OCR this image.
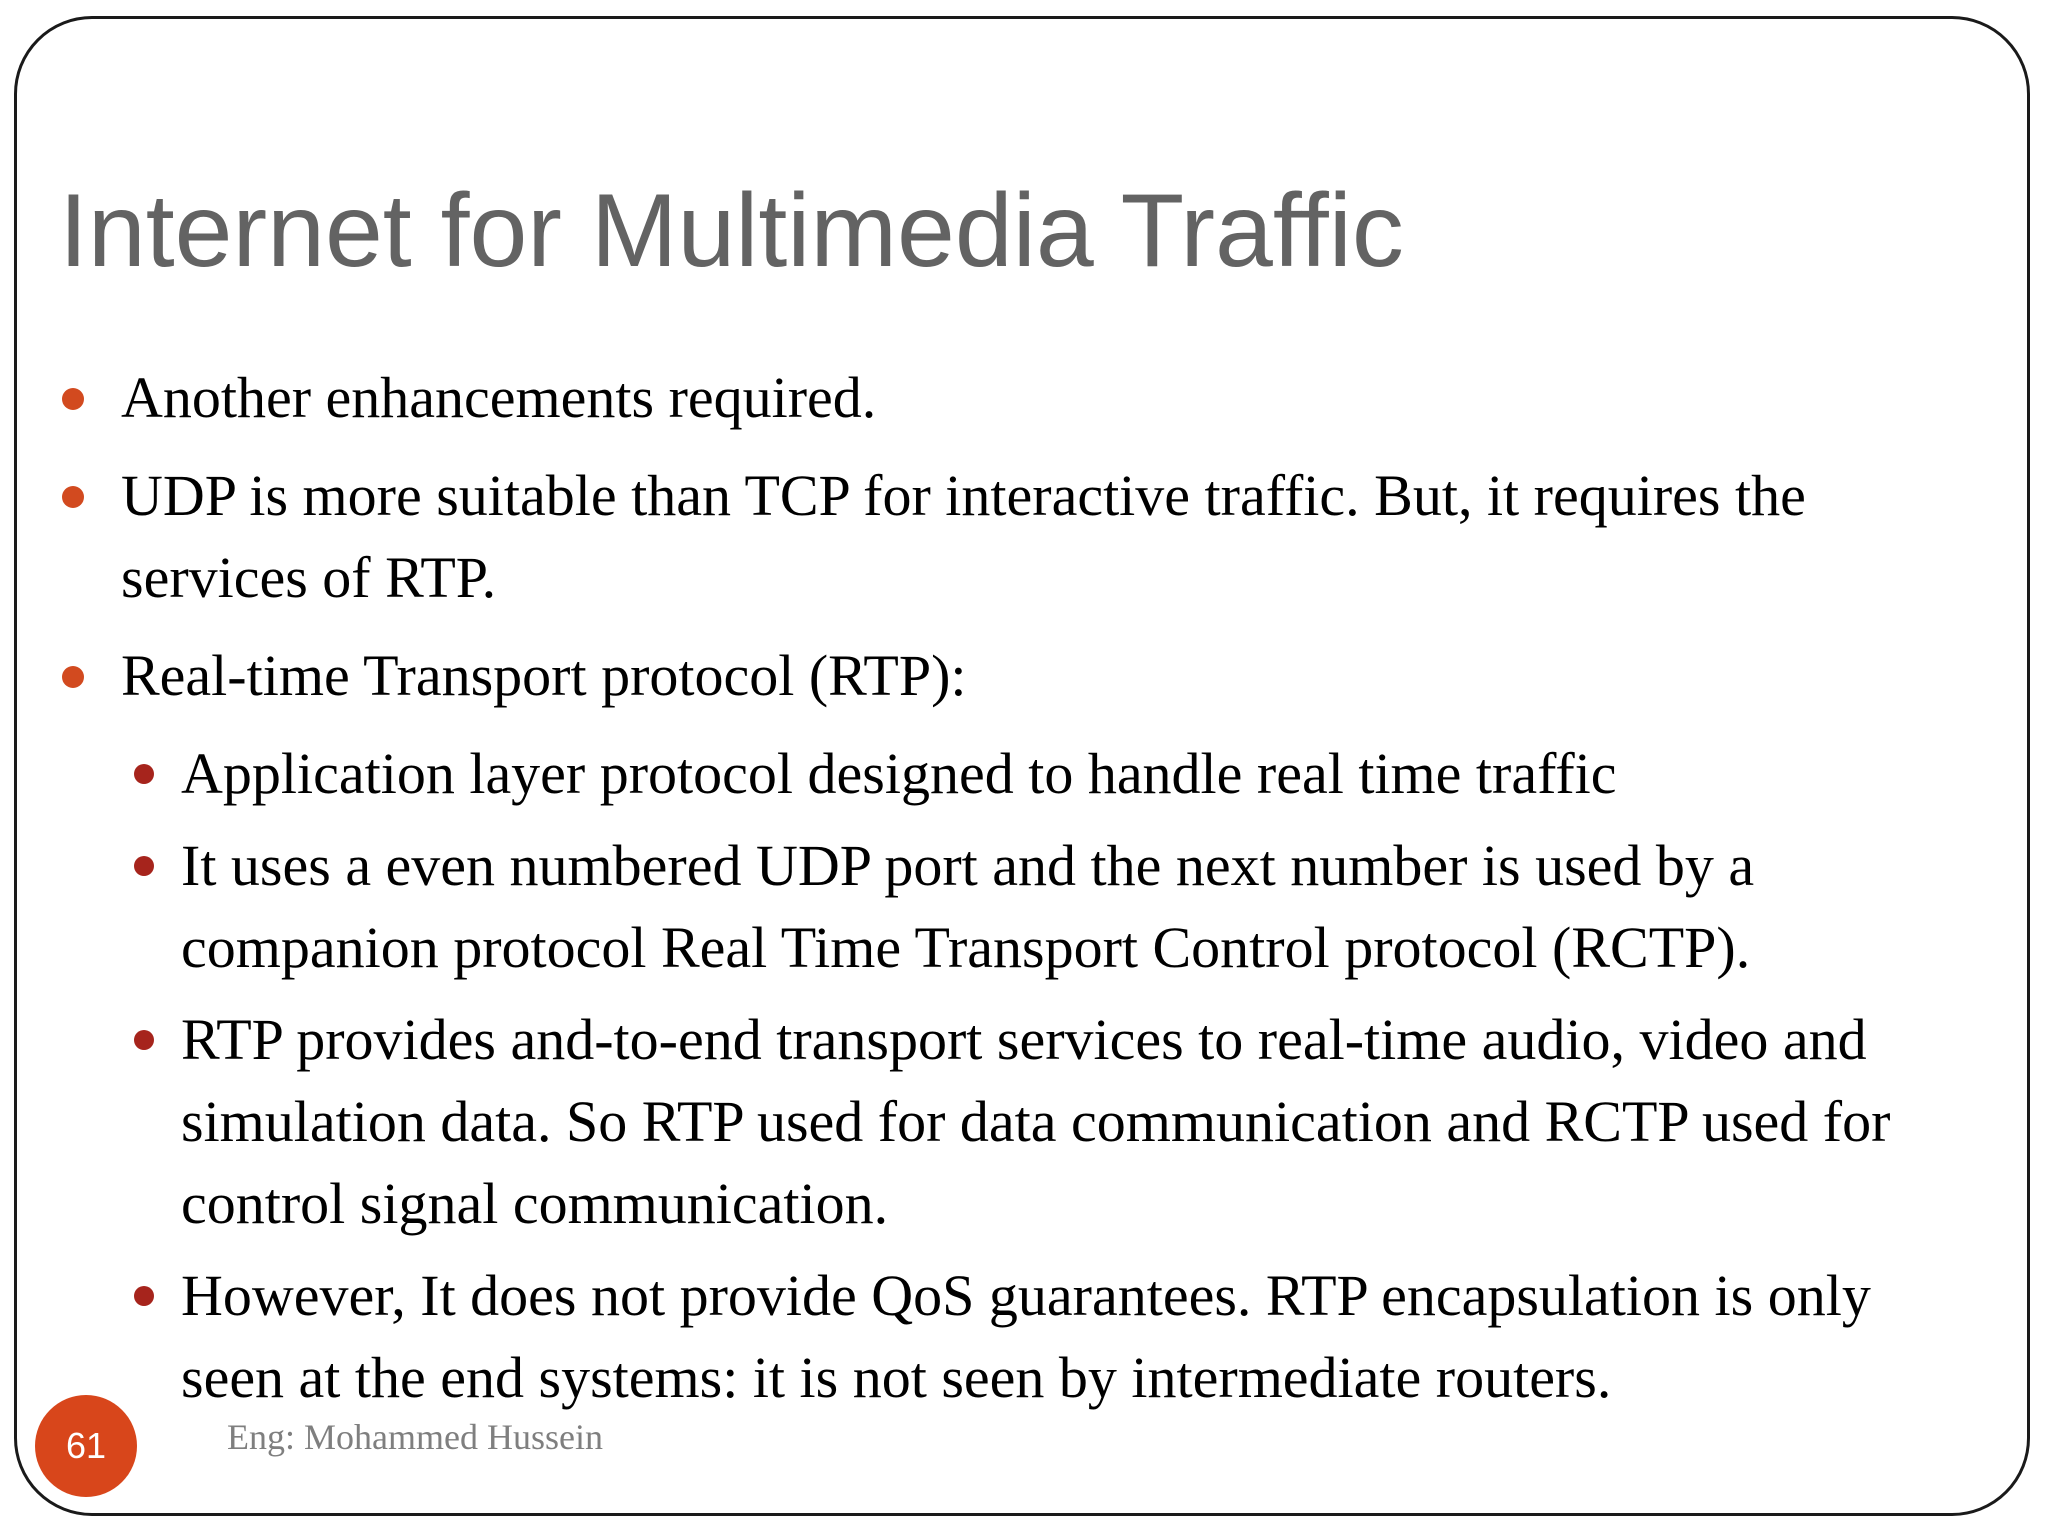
Internet for Multimedia Traffic
Another enhancements required.
UDP is more suitable than TCP for interactive traffic. But, it requires the services of RTP.
Real-time Transport protocol (RTP):
Application layer protocol designed to handle real time traffic
It uses a even numbered UDP port and the next number is used by a companion protocol Real Time Transport Control protocol (RCTP).
RTP provides and-to-end transport services to real-time audio, video and simulation data. So RTP used for data communication and RCTP used for control signal communication.
However, It does not provide QoS guarantees. RTP encapsulation is only seen at the end systems: it is not seen by intermediate routers.
61	Eng: Mohammed Hussein
